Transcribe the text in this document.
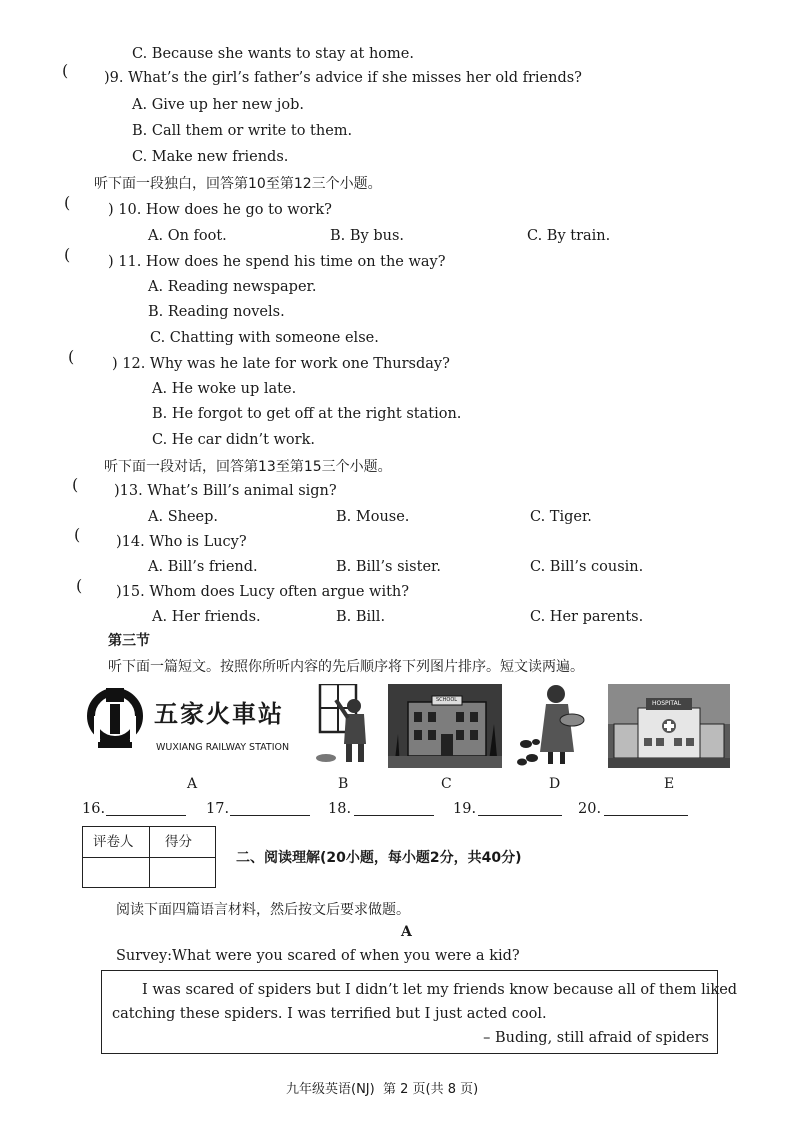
C. Because she wants to stay at home.
( )9. What’s the girl’s father’s advice if she misses her old friends?
A. Give up her new job.
B. Call them or write to them.
C. Make new friends.
听下面一段独白，回答第10至第12三个小题。
(	) 10. How does he go to work?
A. On foot.	B. By bus.	C. By train.
(	) 11. How does he spend his time on the way?
A. Reading newspaper.
B. Reading novels.
C. Chatting with someone else.
(	) 12. Why was he late for work one Thursday?
A. He woke up late.
B. He forgot to get off at the right station.
C. He car didn’t work.
听下面一段对话，回答第13至第15三个小题。
( )13. What’s Bill’s animal sign?
A. Sheep.	B. Mouse.	C. Tiger.
( )14. Who is Lucy?
A. Bill’s friend.	B. Bill’s sister.	C. Bill’s cousin.
( )15. Whom does Lucy often argue with?
A. Her friends.	B. Bill.	C. Her parents.
第三节
听下面一篇短文。按照你所听内容的先后顺序将下列图片排序。短文读两遍。
五家火車站
WUXIANG RAILWAY STATION
SCHOOL	HOSPITAL
A	B	C	D	E
16.	17.	18.	19.	20.
评卷人 得分
二、阅读理解(20小题，每小题2分，共40分)
阅读下面四篇语言材料，然后按文后要求做题。
A
Survey:What were you scared of when you were a kid?
I was scared of spiders but I didn’t let my friends know because all of them liked
catching these spiders. I was terrified but I just acted cool.
– Buding, still afraid of spiders
九年级英语(NJ)  第 2 页(共 8 页)
